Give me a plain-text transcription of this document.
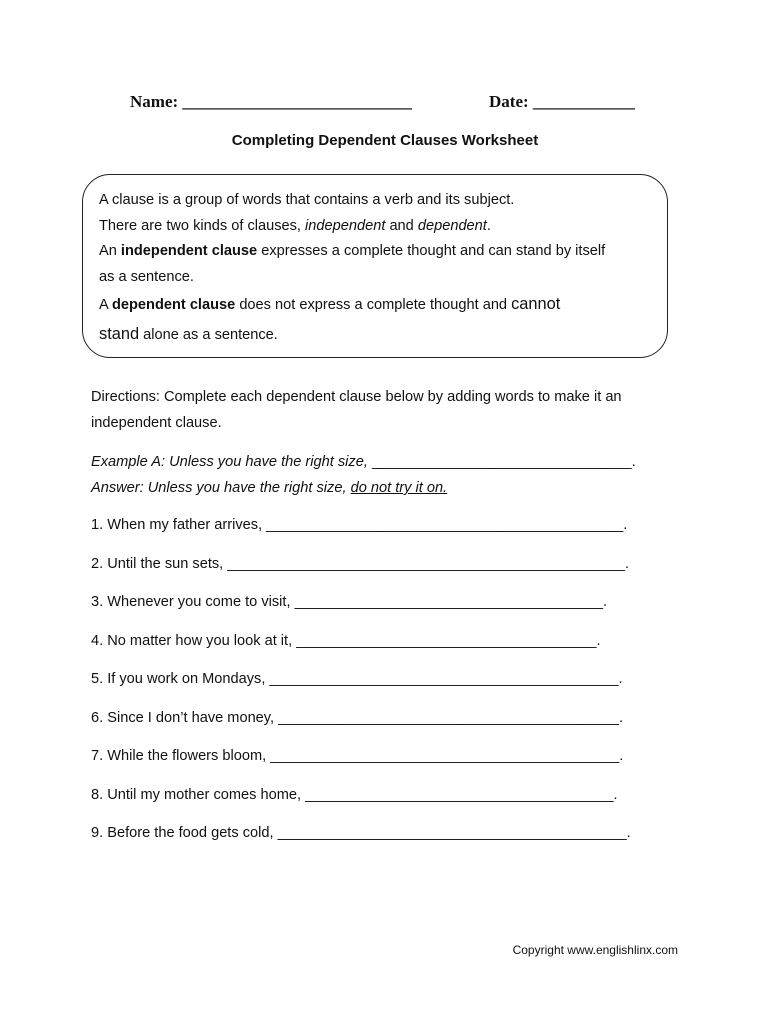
Name: ___________________________	Date: ____________
Completing Dependent Clauses Worksheet
A clause is a group of words that contains a verb and its subject.
There are two kinds of clauses, independent and dependent.
An independent clause expresses a complete thought and can stand by itself
as a sentence.
A dependent clause does not express a complete thought and cannot
stand alone as a sentence.
Directions: Complete each dependent clause below by adding words to make it an independent clause.
Example A: Unless you have the right size, ________________________________.
Answer: Unless you have the right size, do not try it on.
1. When my father arrives, ____________________________________________.
2. Until the sun sets, _________________________________________________.
3. Whenever you come to visit, ______________________________________.
4. No matter how you look at it, _____________________________________.
5. If you work on Mondays, ___________________________________________.
6. Since I don’t have money, __________________________________________.
7. While the flowers bloom, ___________________________________________.
8. Until my mother comes home, ______________________________________.
9. Before the food gets cold, ___________________________________________.
Copyright www.englishlinx.com
